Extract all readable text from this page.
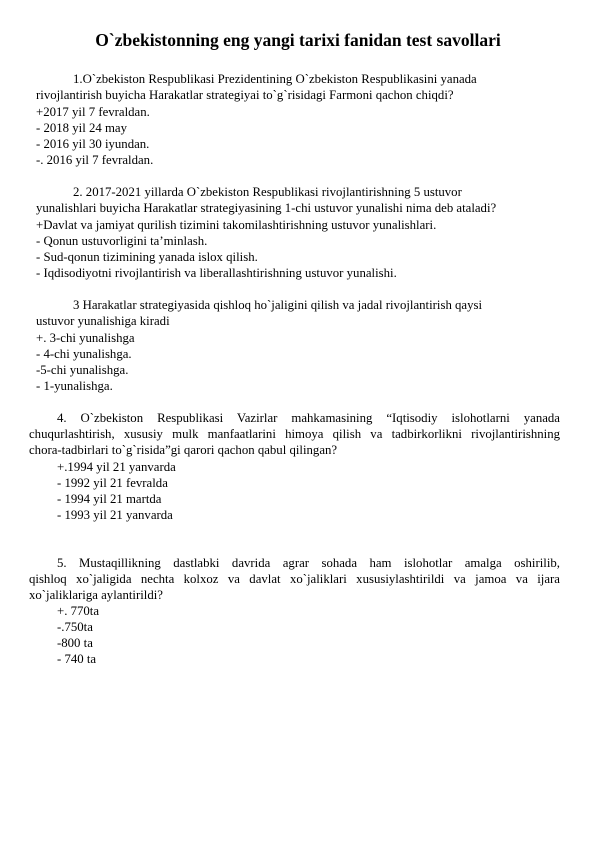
O`zbekistonning eng yangi tarixi fanidan test savollari
1.O`zbekiston Respublikasi Prezidentining O`zbekiston Respublikasini yanada
rivojlantirish buyicha Harakatlar strategiyai to`g`risidagi Farmoni qachon chiqdi?
+2017 yil 7 fevraldan.
- 2018 yil 24 may
- 2016 yil 30 iyundan.
-. 2016 yil 7 fevraldan.
2. 2017-2021 yillarda O`zbekiston Respublikasi rivojlantirishning 5 ustuvor
yunalishlari buyicha Harakatlar strategiyasining 1-chi ustuvor yunalishi nima deb ataladi?
+Davlat va jamiyat qurilish tizimini takomilashtirishning ustuvor yunalishlari.
- Qonun ustuvorligini ta’minlash.
- Sud-qonun tizimining yanada islox qilish.
- Iqdisodiyotni rivojlantirish va liberallashtirishning ustuvor yunalishi.
3 Harakatlar strategiyasida qishloq ho`jaligini qilish va jadal rivojlantirish qaysi
ustuvor yunalishiga kiradi
+. 3-chi yunalishga
- 4-chi yunalishga.
-5-chi yunalishga.
- 1-yunalishga.
4. O`zbekiston Respublikasi Vazirlar mahkamasining “Iqtisodiy islohotlarni yanada
chuqurlashtirish, xususiy mulk manfaatlarini himoya qilish va tadbirkorlikni rivojlantirishning
chora-tadbirlari to`g`risida”gi qarori qachon qabul qilingan?
+.1994 yil 21 yanvarda
- 1992 yil 21 fevralda
- 1994 yil 21 martda
- 1993 yil 21 yanvarda
5. Mustaqillikning dastlabki davrida agrar sohada ham islohotlar amalga oshirilib,
qishloq xo`jaligida nechta kolxoz va davlat xo`jaliklari xususiylashtirildi va jamoa va ijara
xo`jaliklariga aylantirildi?
+. 770ta
-.750ta
-800 ta
- 740 ta
